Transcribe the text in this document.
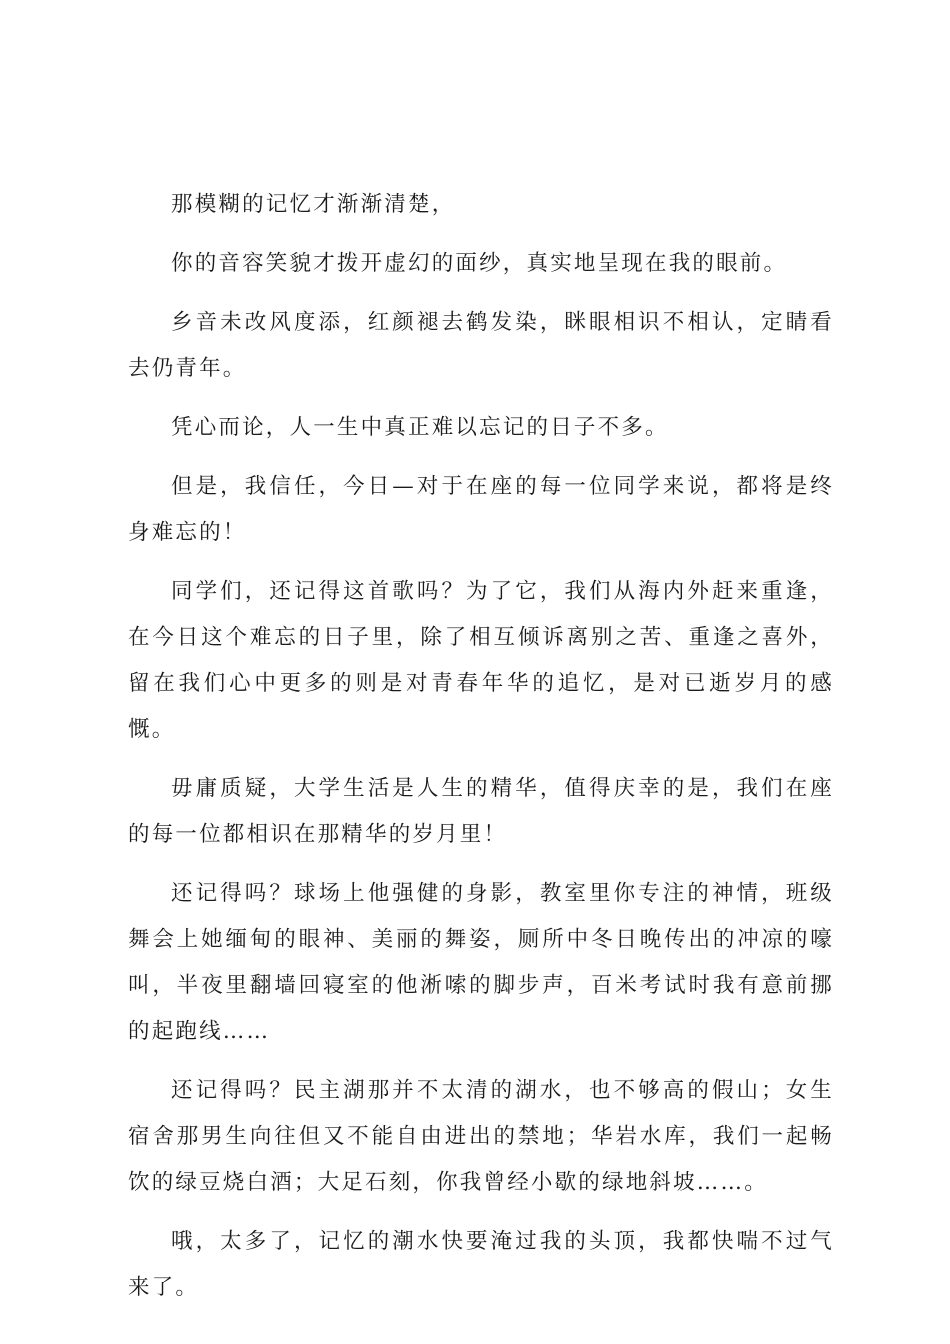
那模糊的记忆才渐渐清楚，

你的音容笑貌才拨开虚幻的面纱，真实地呈现在我的眼前。

乡音未改风度添，红颜褪去鹤发染，眯眼相识不相认，定睛看去仍青年。

凭心而论，人一生中真正难以忘记的日子不多。

但是，我信任，今日—对于在座的每一位同学来说，都将是终身难忘的！

同学们，还记得这首歌吗？为了它，我们从海内外赶来重逢，在今日这个难忘的日子里，除了相互倾诉离别之苦、重逢之喜外，留在我们心中更多的则是对青春年华的追忆，是对已逝岁月的感慨。

毋庸质疑，大学生活是人生的精华，值得庆幸的是，我们在座的每一位都相识在那精华的岁月里！

还记得吗？球场上他强健的身影，教室里你专注的神情，班级舞会上她缅甸的眼神、美丽的舞姿，厕所中冬日晚传出的冲凉的嚎叫，半夜里翻墙回寝室的他淅嗦的脚步声，百米考试时我有意前挪的起跑线……

还记得吗？民主湖那并不太清的湖水，也不够高的假山；女生宿舍那男生向往但又不能自由进出的禁地；华岩水库，我们一起畅饮的绿豆烧白酒；大足石刻，你我曾经小歇的绿地斜坡……。

哦，太多了，记忆的潮水快要淹过我的头顶，我都快喘不过气来了。
